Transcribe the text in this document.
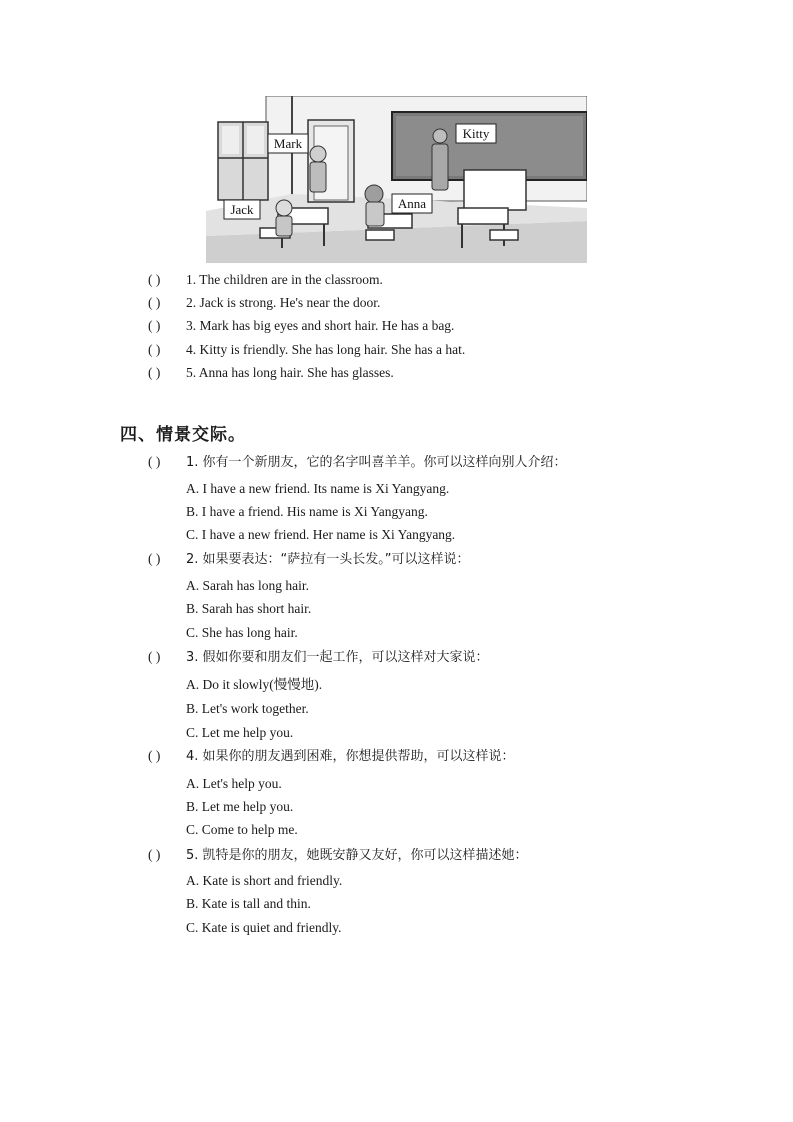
Mark
Kitty
Jack	Anna
( ) 1. The children are in the classroom.
( ) 2. Jack is strong. He's near the door.
( ) 3. Mark has big eyes and short hair. He has a bag.
( ) 4. Kitty is friendly. She has long hair. She has a hat.
( ) 5. Anna has long hair. She has glasses.
四、情景交际。
( ) 1. 你有一个新朋友，它的名字叫喜羊羊。你可以这样向别人介绍：
A. I have a new friend. Its name is Xi Yangyang.
B. I have a friend. His name is Xi Yangyang.
C. I have a new friend. Her name is Xi Yangyang.
( ) 2. 如果要表达：“萨拉有一头长发。”可以这样说：
A. Sarah has long hair.
B. Sarah has short hair.
C. She has long hair.
( ) 3. 假如你要和朋友们一起工作，可以这样对大家说：
A. Do it slowly(慢慢地).
B. Let's work together.
C. Let me help you.
( ) 4. 如果你的朋友遇到困难，你想提供帮助，可以这样说：
A. Let's help you.
B. Let me help you.
C. Come to help me.
( ) 5. 凯特是你的朋友，她既安静又友好，你可以这样描述她：
A. Kate is short and friendly.
B. Kate is tall and thin.
C. Kate is quiet and friendly.
